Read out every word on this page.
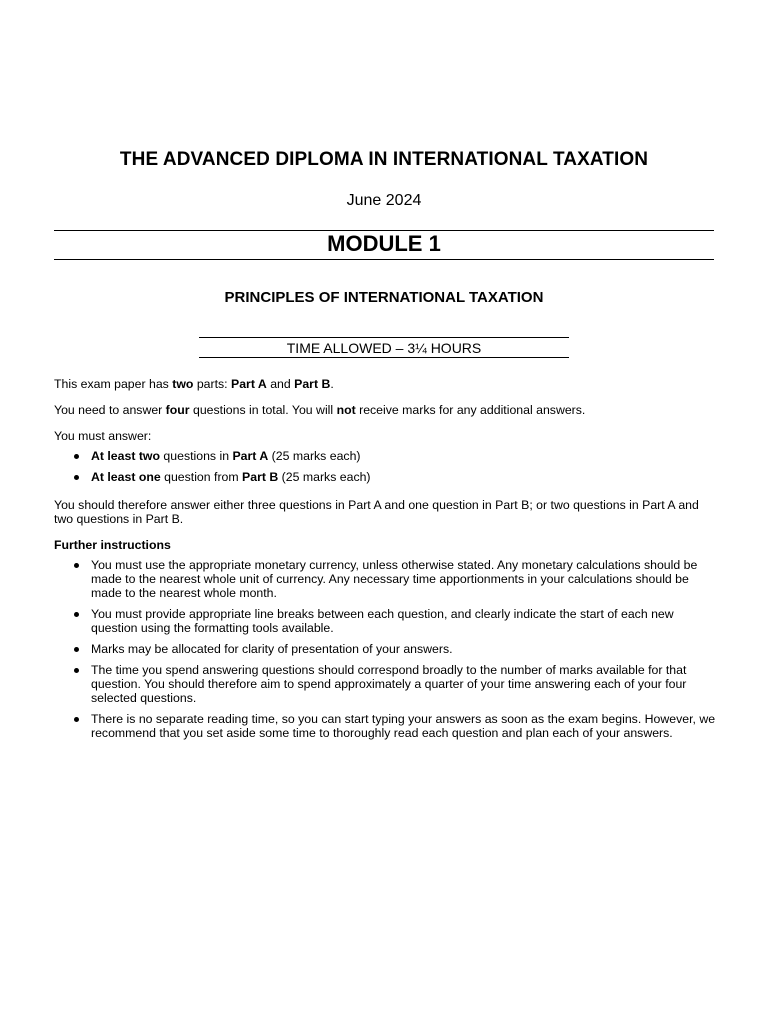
THE ADVANCED DIPLOMA IN INTERNATIONAL TAXATION
June 2024
MODULE 1
PRINCIPLES OF INTERNATIONAL TAXATION
TIME ALLOWED – 3¼ HOURS
This exam paper has two parts: Part A and Part B.
You need to answer four questions in total. You will not receive marks for any additional answers.
You must answer:
At least two questions in Part A (25 marks each)
At least one question from Part B (25 marks each)
You should therefore answer either three questions in Part A and one question in Part B; or two questions in Part A and two questions in Part B.
Further instructions
You must use the appropriate monetary currency, unless otherwise stated. Any monetary calculations should be made to the nearest whole unit of currency. Any necessary time apportionments in your calculations should be made to the nearest whole month.
You must provide appropriate line breaks between each question, and clearly indicate the start of each new question using the formatting tools available.
Marks may be allocated for clarity of presentation of your answers.
The time you spend answering questions should correspond broadly to the number of marks available for that question. You should therefore aim to spend approximately a quarter of your time answering each of your four selected questions.
There is no separate reading time, so you can start typing your answers as soon as the exam begins. However, we recommend that you set aside some time to thoroughly read each question and plan each of your answers.
